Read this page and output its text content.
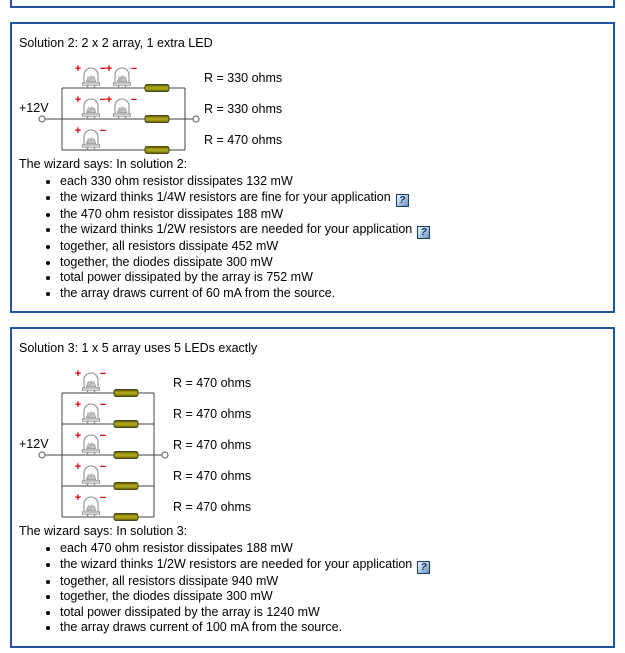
Solution 2: 2 x 2 array, 1 extra LED
R = 330 ohms
+ − + −
R = 330 ohms
+ − + −
R = 470 ohms
+ −
+12V

The wizard says: In solution 2:

• each 330 ohm resistor dissipates 132 mW
• the wizard thinks 1/4W resistors are fine for your application ?
• the 470 ohm resistor dissipates 188 mW
• the wizard thinks 1/2W resistors are needed for your application ?
• together, all resistors dissipate 452 mW
• together, the diodes dissipate 300 mW
• total power dissipated by the array is 752 mW
• the array draws current of 60 mA from the source.
Solution 3: 1 x 5 array uses 5 LEDs exactly
R = 470 ohms
+ −
R = 470 ohms
+ −
R = 470 ohms
+ −
R = 470 ohms
+ −
R = 470 ohms
+ −
+12V

The wizard says: In solution 3:

• each 470 ohm resistor dissipates 188 mW
• the wizard thinks 1/2W resistors are needed for your application ?
• together, all resistors dissipate 940 mW
• together, the diodes dissipate 300 mW
• total power dissipated by the array is 1240 mW
• the array draws current of 100 mA from the source.
